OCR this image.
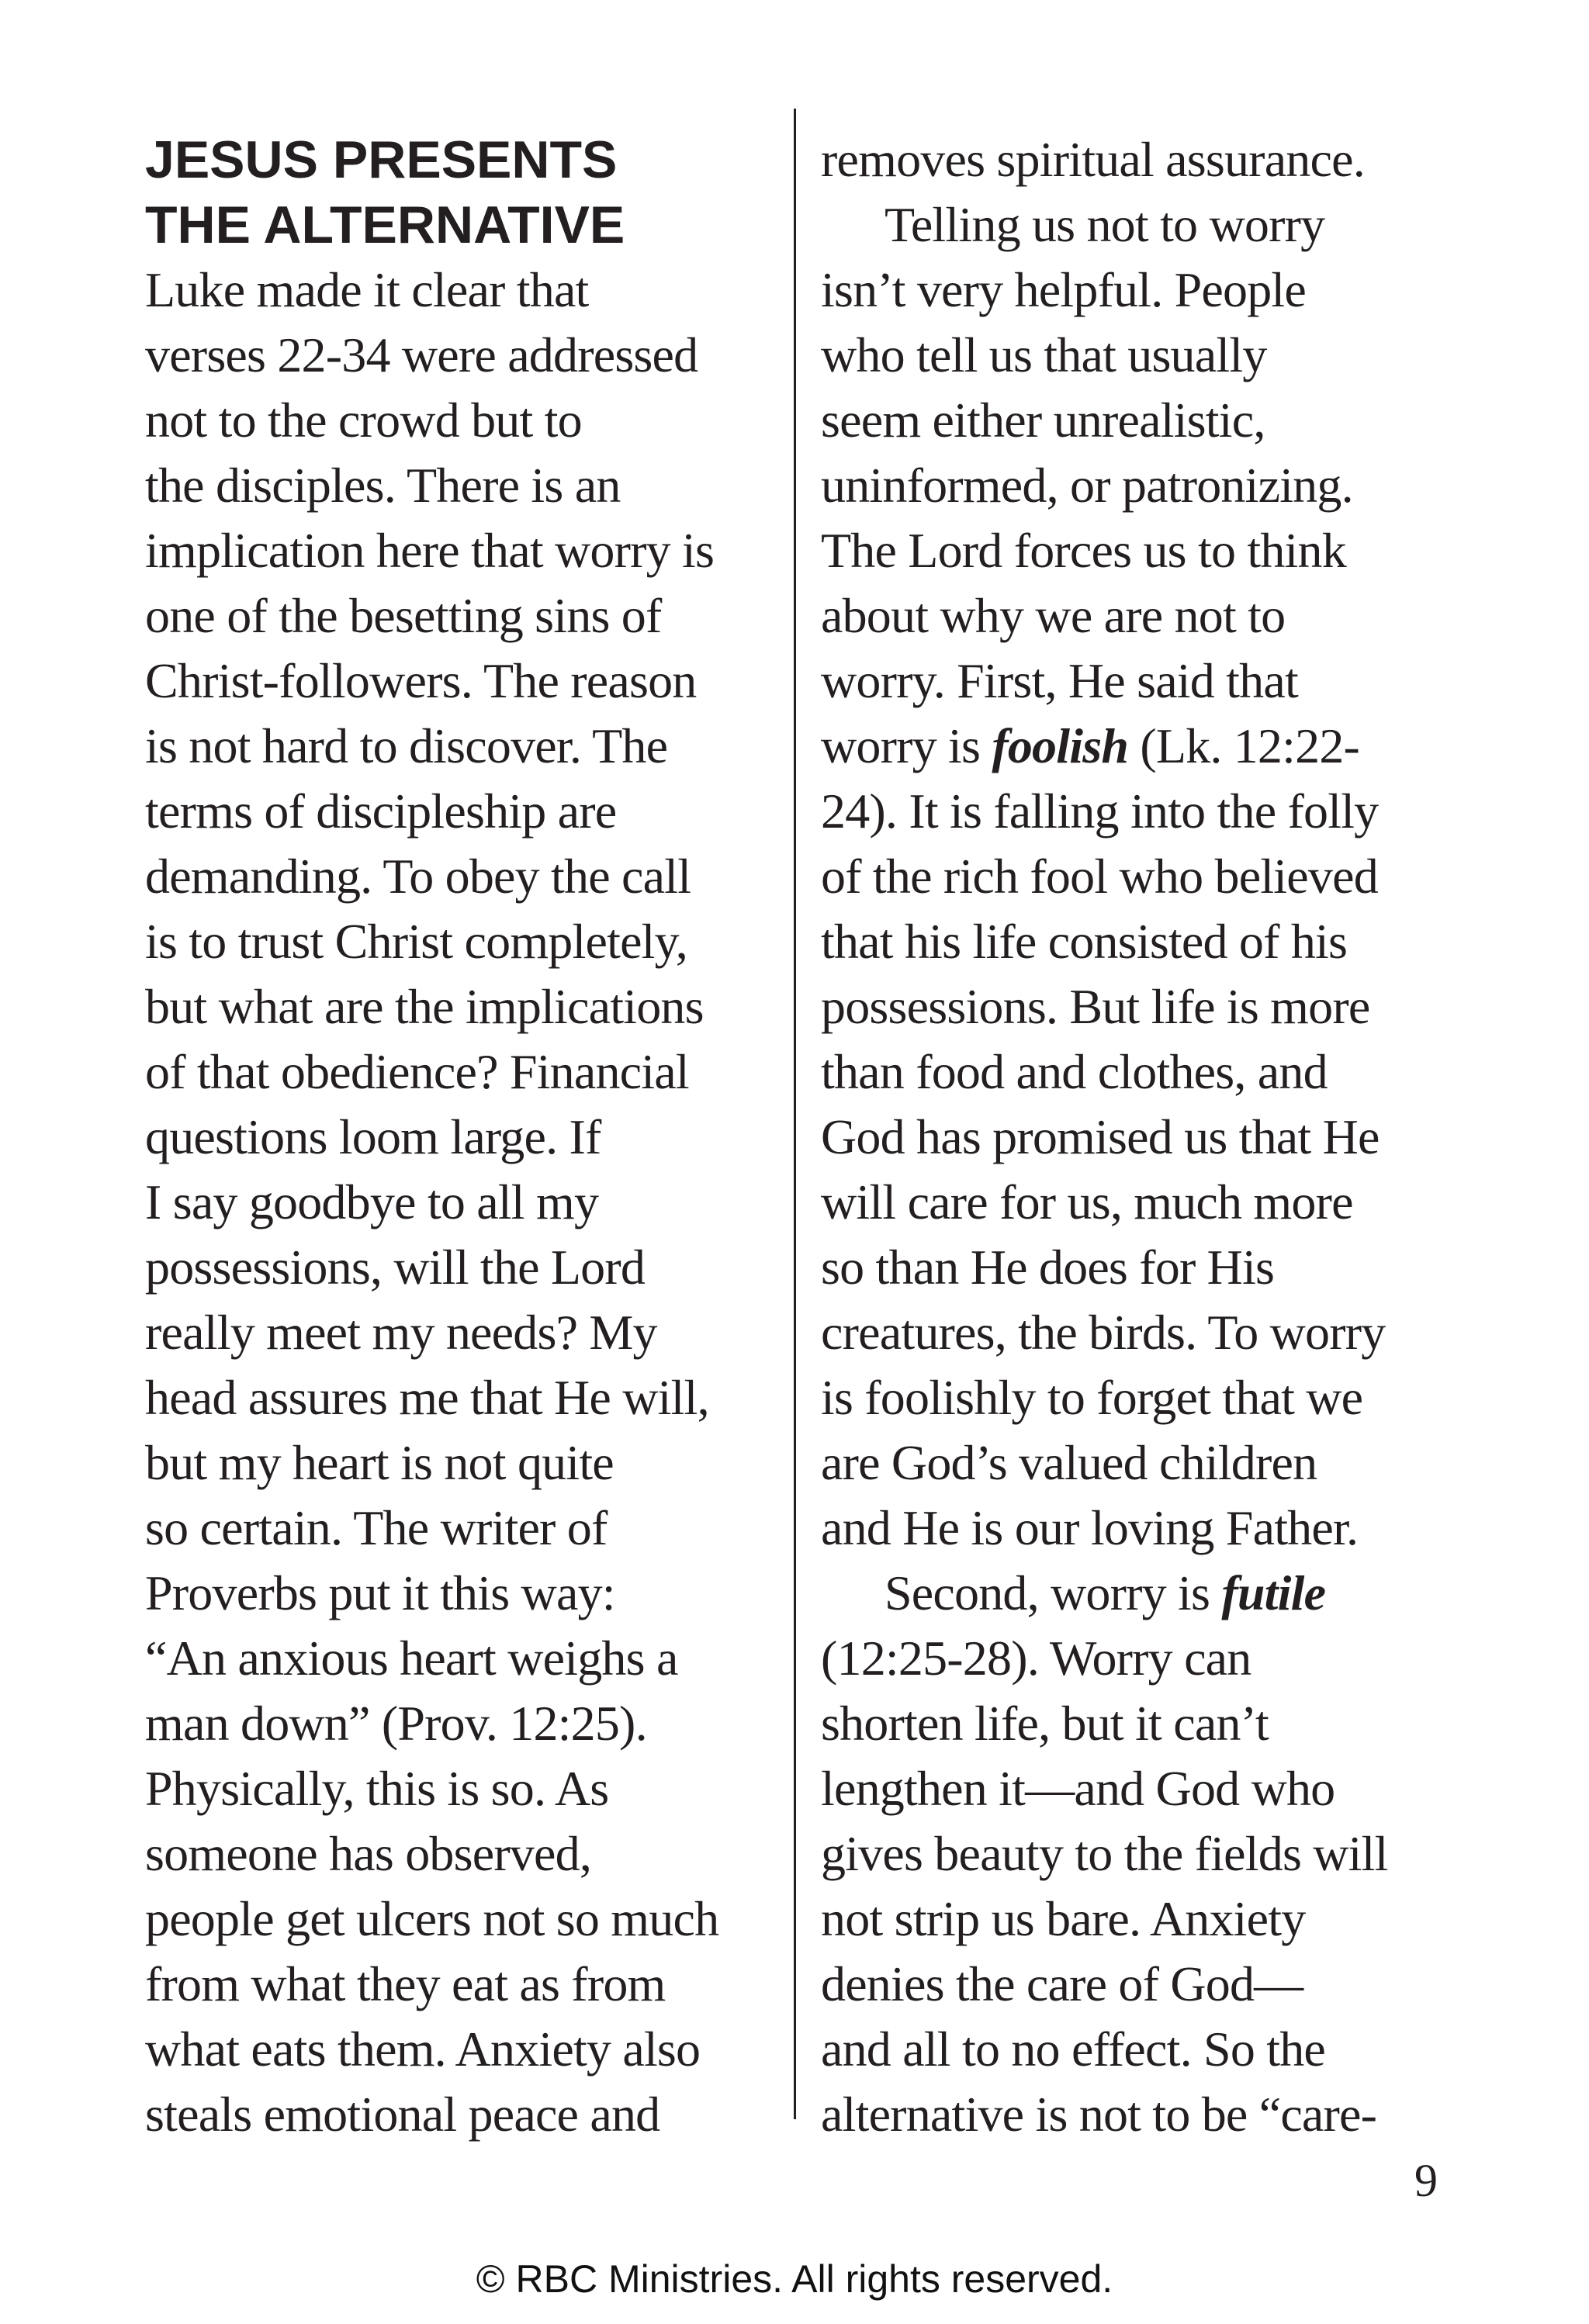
JESUS PRESENTS
THE ALTERNATIVE
Luke made it clear that
verses 22-34 were addressed
not to the crowd but to
the disciples. There is an
implication here that worry is
one of the besetting sins of
Christ-followers. The reason
is not hard to discover. The
terms of discipleship are
demanding. To obey the call
is to trust Christ completely,
but what are the implications
of that obedience? Financial
questions loom large. If
I say goodbye to all my
possessions, will the Lord
really meet my needs? My
head assures me that He will,
but my heart is not quite
so certain. The writer of
Proverbs put it this way:
“An anxious heart weighs a
man down” (Prov. 12:25).
Physically, this is so. As
someone has observed,
people get ulcers not so much
from what they eat as from
what eats them. Anxiety also
steals emotional peace and
removes spiritual assurance.
Telling us not to worry
isn’t very helpful. People
who tell us that usually
seem either unrealistic,
uninformed, or patronizing.
The Lord forces us to think
about why we are not to
worry. First, He said that
worry is foolish (Lk. 12:22-
24). It is falling into the folly
of the rich fool who believed
that his life consisted of his
possessions. But life is more
than food and clothes, and
God has promised us that He
will care for us, much more
so than He does for His
creatures, the birds. To worry
is foolishly to forget that we
are God’s valued children
and He is our loving Father.
Second, worry is futile
(12:25-28). Worry can
shorten life, but it can’t
lengthen it—and God who
gives beauty to the fields will
not strip us bare. Anxiety
denies the care of God—
and all to no effect. So the
alternative is not to be “care-
9
© RBC Ministries. All rights reserved.
